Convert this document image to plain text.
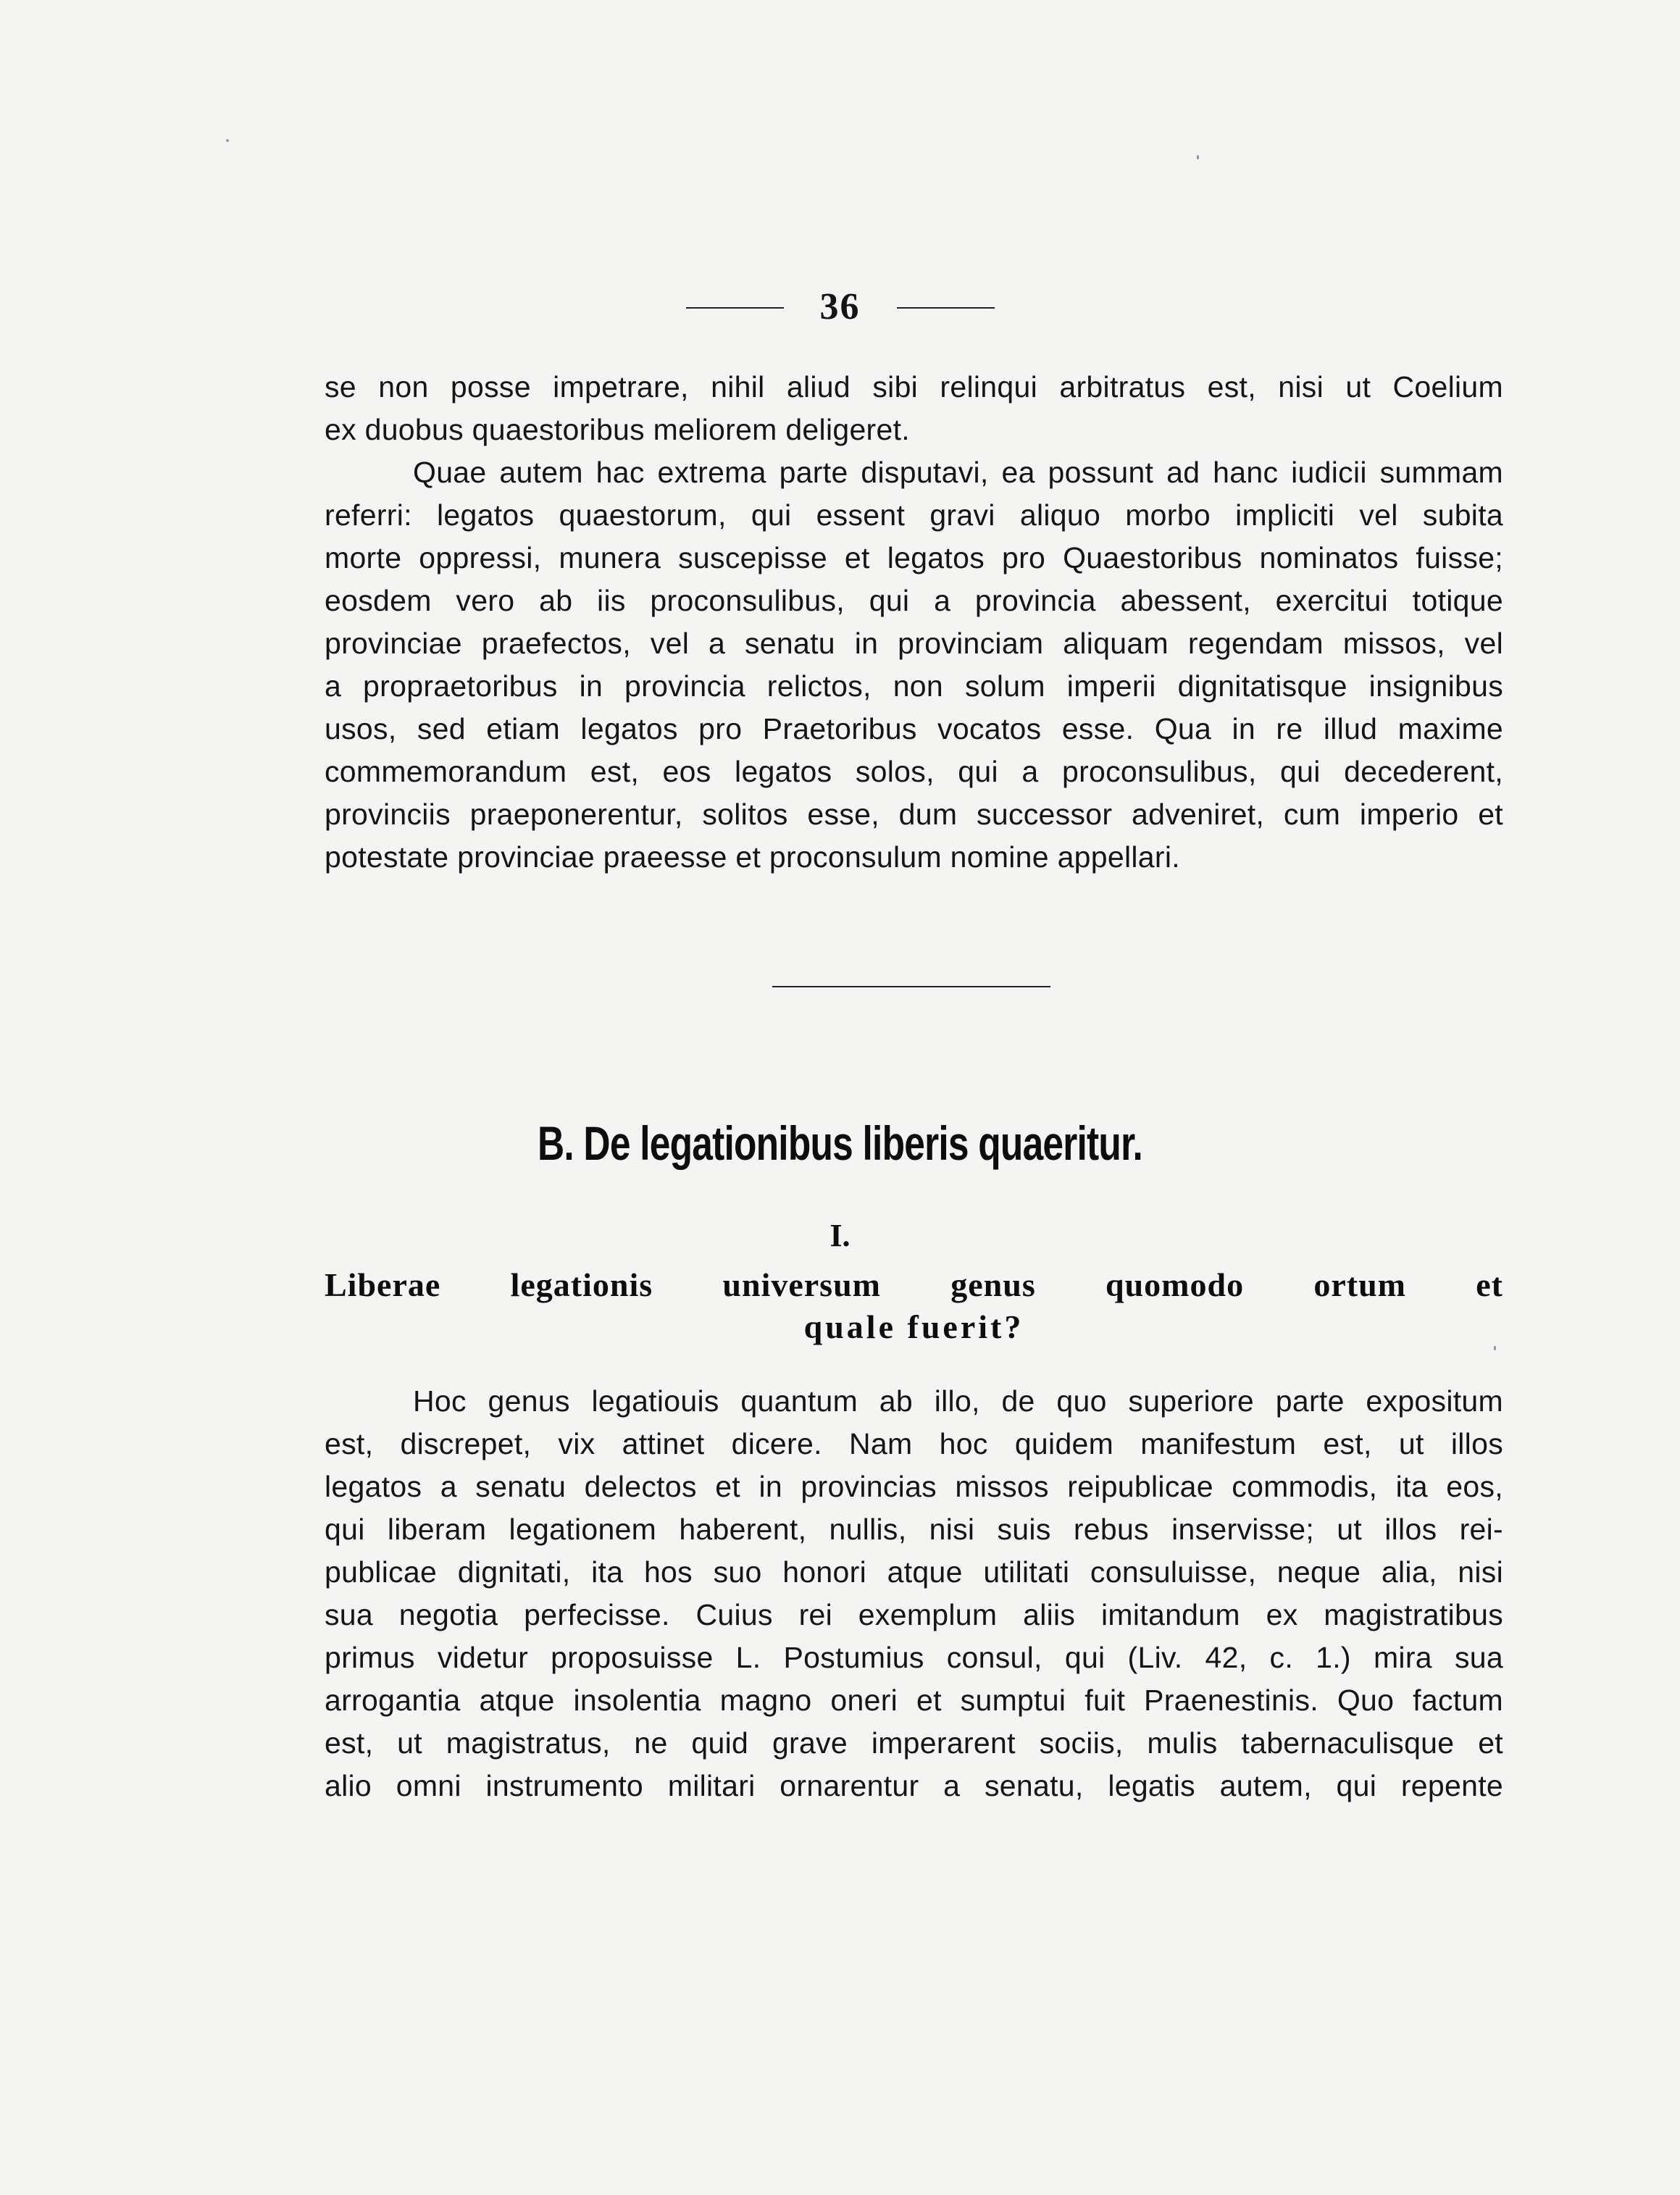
36
se non posse impetrare, nihil aliud sibi relinqui arbitratus est, nisi ut Coelium
ex duobus quaestoribus meliorem deligeret.
Quae autem hac extrema parte disputavi, ea possunt ad hanc iudicii summam
referri: legatos quaestorum, qui essent gravi aliquo morbo impliciti vel subita
morte oppressi, munera suscepisse et legatos pro Quaestoribus nominatos fuisse;
eosdem vero ab iis proconsulibus, qui a provincia abessent, exercitui totique
provinciae praefectos, vel a senatu in provinciam aliquam regendam missos, vel
a propraetoribus in provincia relictos, non solum imperii dignitatisque insignibus
usos, sed etiam legatos pro Praetoribus vocatos esse. Qua in re illud maxime
commemorandum est, eos legatos solos, qui a proconsulibus, qui decederent,
provinciis praeponerentur, solitos esse, dum successor adveniret, cum imperio et
potestate provinciae praeesse et proconsulum nomine appellari.
B. De legationibus liberis quaeritur.
I.
Liberae legationis universum genus quomodo ortum et
quale fuerit?
Hoc genus legatiouis quantum ab illo, de quo superiore parte expositum
est, discrepet, vix attinet dicere. Nam hoc quidem manifestum est, ut illos
legatos a senatu delectos et in provincias missos reipublicae commodis, ita eos,
qui liberam legationem haberent, nullis, nisi suis rebus inservisse; ut illos rei-
publicae dignitati, ita hos suo honori atque utilitati consuluisse, neque alia, nisi
sua negotia perfecisse. Cuius rei exemplum aliis imitandum ex magistratibus
primus videtur proposuisse L. Postumius consul, qui (Liv. 42, c. 1.) mira sua
arrogantia atque insolentia magno oneri et sumptui fuit Praenestinis. Quo factum
est, ut magistratus, ne quid grave imperarent sociis, mulis tabernaculisque et
alio omni instrumento militari ornarentur a senatu, legatis autem, qui repente
